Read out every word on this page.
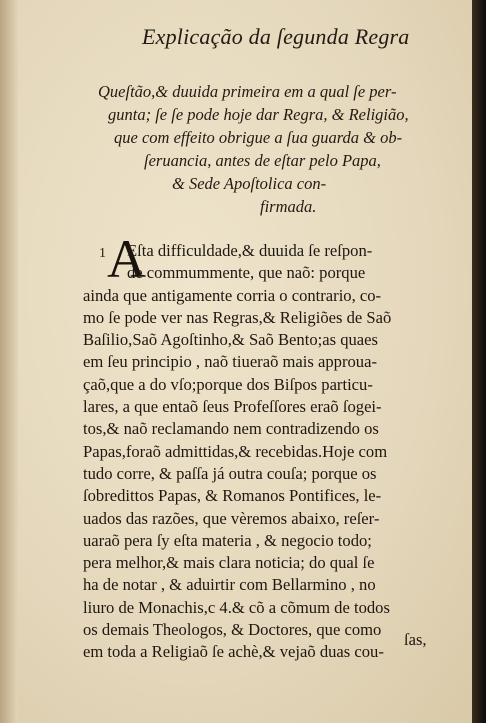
Explicação da ſegunda Regra
Queſtão,& duuida primeira em a qual ſe per-
gunta; ſe ſe pode hoje dar Regra, & Religião,
que com effeito obrigue a ſua guarda & ob-
ſeruancia, antes de eſtar pelo Papa,
& Sede Apoſtolica con-
firmada.
1 A
Eſta difficuldade,& duuida ſe reſpon-
de commummente, que naõ: porque
ainda que antigamente corria o contrario, co-
mo ſe pode ver nas Regras,& Religiões de Saõ
Baſilio,Saõ Agoſtinho,& Saõ Bento;as quaes
em ſeu principio , naõ tiueraõ mais approua-
çaõ,que a do vſo;porque dos Biſpos particu-
lares, a que entaõ ſeus Profeſſores eraõ ſogei-
tos,& naõ reclamando nem contradizendo os
Papas,foraõ admittidas,& recebidas.Hoje com
tudo corre, & paſſa já outra couſa; porque os
ſobredittos Papas, & Romanos Pontifices, le-
uados das razões, que vèremos abaixo, reſer-
uaraõ pera ſy eſta materia , & negocio todo;
pera melhor,& mais clara noticia; do qual ſe
ha de notar , & aduirtir com Bellarmino , no
liuro de Monachis,c 4.& cõ a cõmum de todos
os demais Theologos, & Doctores, que como
em toda a Religiaõ ſe achè,& vejaõ duas cou-
ſas,
